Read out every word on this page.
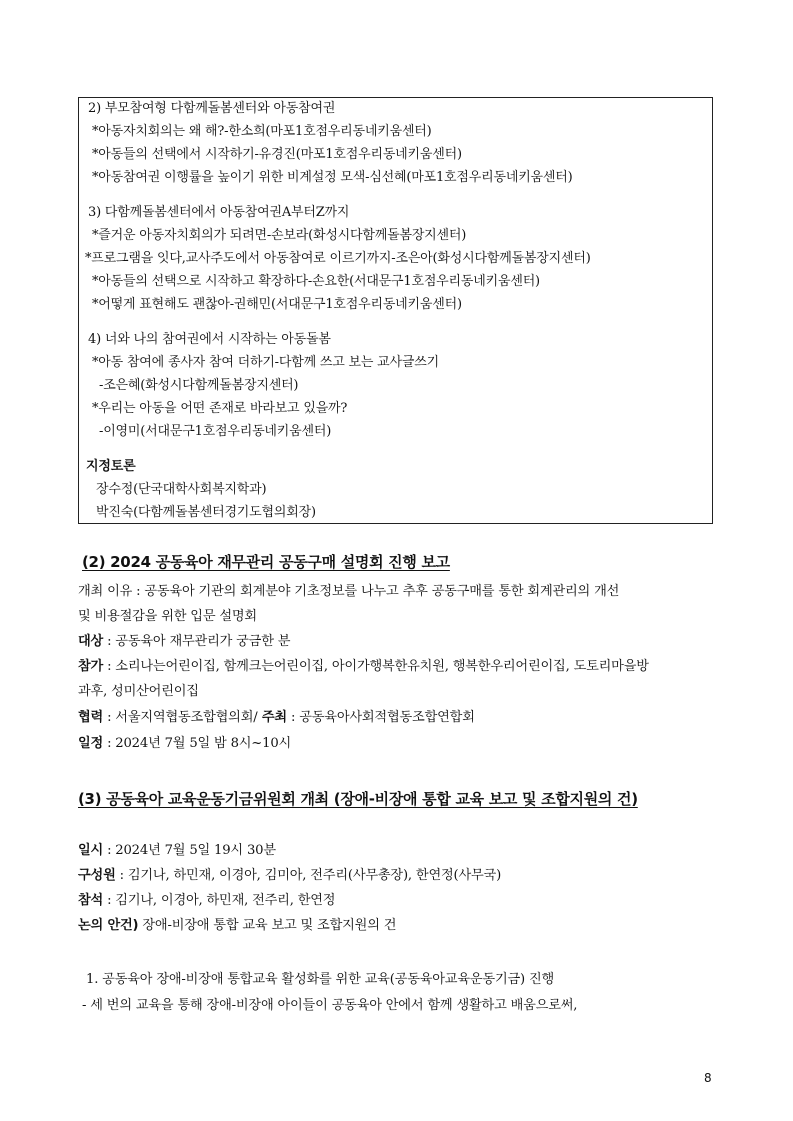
2) 부모참여형 다함께돌봄센터와 아동참여권
*아동자치회의는 왜 해?-한소희(마포1호점우리동네키움센터)
*아동들의 선택에서 시작하기-유경진(마포1호점우리동네키움센터)
*아동참여권 이행률을 높이기 위한 비계설정 모색-심선혜(마포1호점우리동네키움센터)
3) 다함께돌봄센터에서 아동참여권A부터Z까지
*즐거운 아동자치회의가 되려면-손보라(화성시다함께돌봄장지센터)
*프로그램을 잇다,교사주도에서 아동참여로 이르기까지-조은아(화성시다함께돌봄장지센터)
*아동들의 선택으로 시작하고 확장하다-손요한(서대문구1호점우리동네키움센터)
*어떻게 표현해도 괜찮아-권해민(서대문구1호점우리동네키움센터)
4) 너와 나의 참여권에서 시작하는 아동돌봄
*아동 참여에 종사자 참여 더하기-다함께 쓰고 보는 교사글쓰기
-조은혜(화성시다함께돌봄장지센터)
*우리는 아동을 어떤 존재로 바라보고 있을까?
-이영미(서대문구1호점우리동네키움센터)
지정토론
장수정(단국대학사회복지학과)
박진숙(다함께돌봄센터경기도협의회장)
(2) 2024 공동육아 재무관리 공동구매 설명회 진행 보고
개최 이유 : 공동육아 기관의 회계분야 기초정보를 나누고 추후 공동구매를 통한 회계관리의 개선
및 비용절감을 위한 입문 설명회
대상 : 공동육아 재무관리가 궁금한 분
참가 : 소리나는어린이집, 함께크는어린이집, 아이가행복한유치원, 행복한우리어린이집, 도토리마을방
과후, 성미산어린이집
협력 : 서울지역협동조합협의회/ 주최 : 공동육아사회적협동조합연합회
일정 : 2024년 7월 5일 밤 8시~10시
(3) 공동육아 교육운동기금위원회 개최 (장애-비장애 통합 교육 보고 및 조합지원의 건)
일시 : 2024년 7월 5일 19시 30분
구성원 : 김기나, 하민재, 이경아, 김미아, 전주리(사무총장), 한연정(사무국)
참석 : 김기나, 이경아, 하민재, 전주리, 한연정
논의 안건) 장애-비장애 통합 교육 보고 및 조합지원의 건
1. 공동육아 장애-비장애 통합교육 활성화를 위한 교육(공동육아교육운동기금) 진행
- 세 번의 교육을 통해 장애-비장애 아이들이 공동육아 안에서 함께 생활하고 배움으로써,
8
